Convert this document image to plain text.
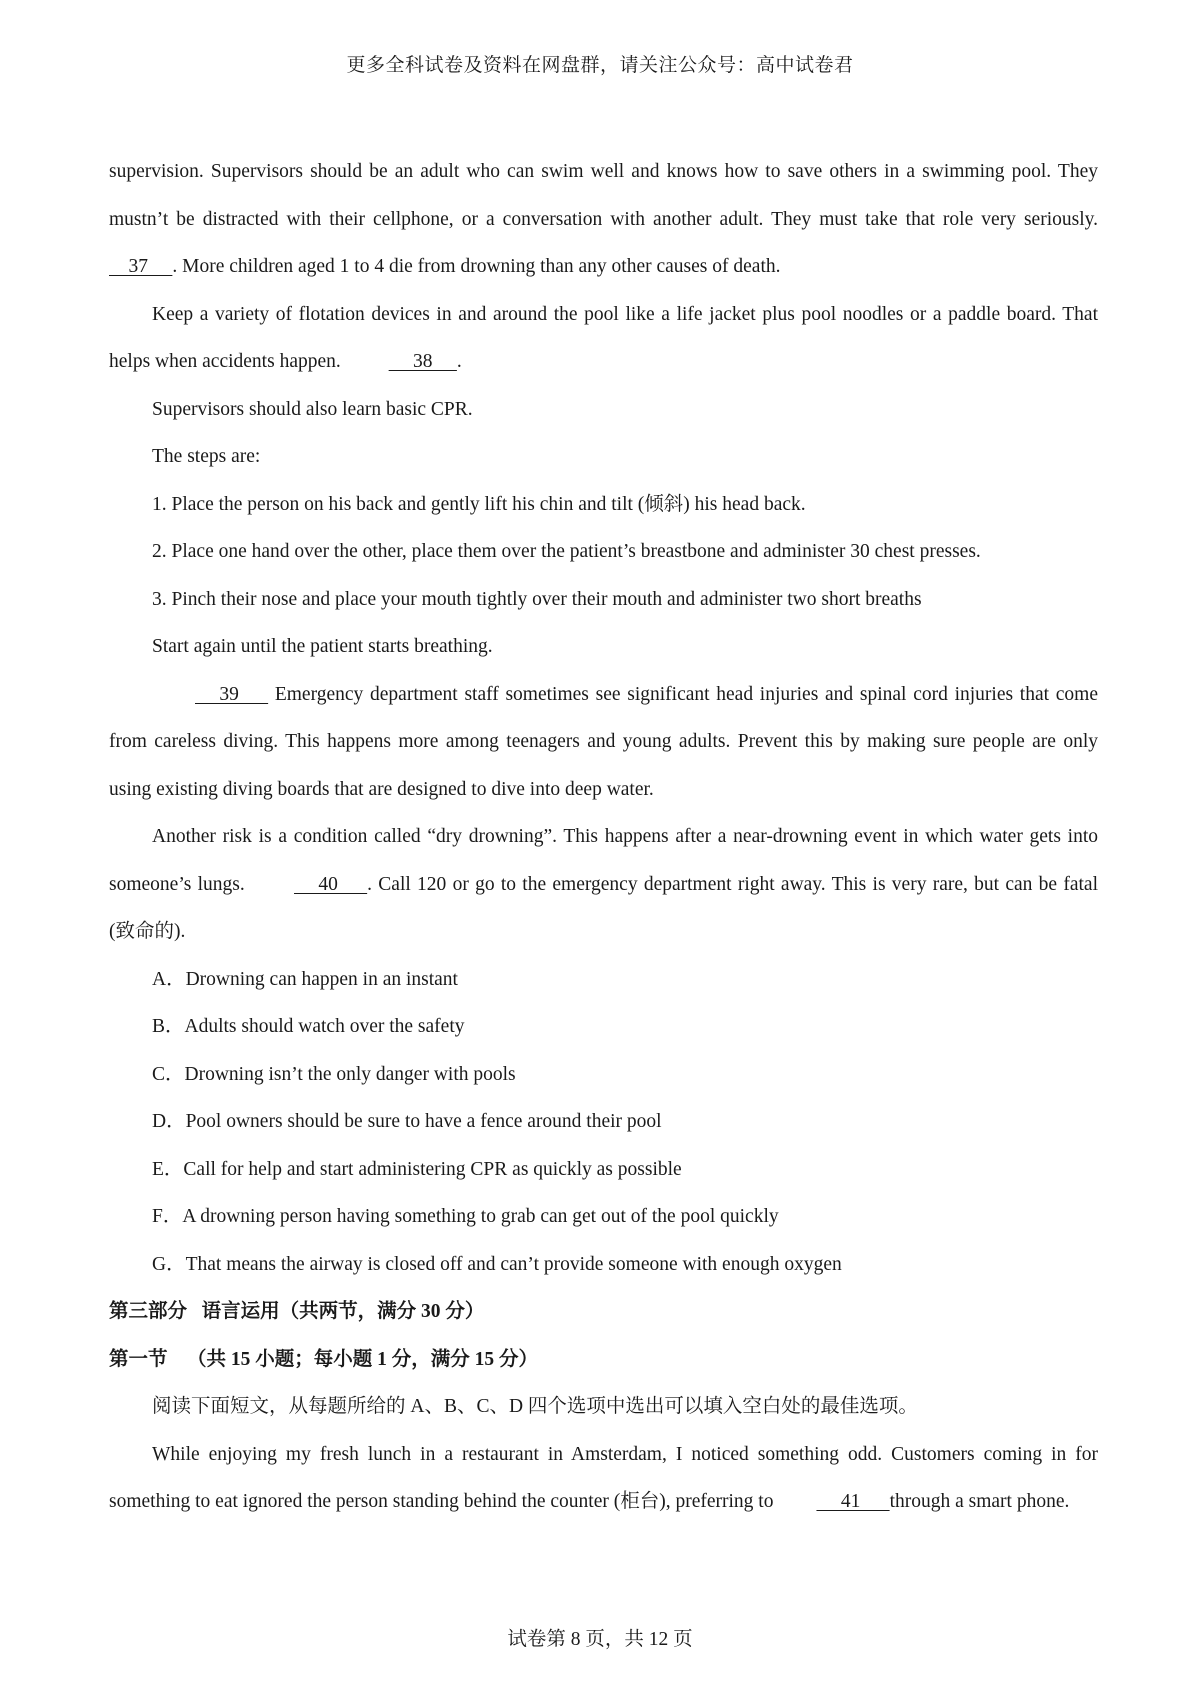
更多全科试卷及资料在网盘群，请关注公众号：高中试卷君

supervision. Supervisors should be an adult who can swim well and knows how to save others in a swimming pool. They mustn’t be distracted with their cellphone, or a conversation with another adult. They must take that role very seriously.     37     . More children aged 1 to 4 die from drowning than any other causes of death.

Keep a variety of flotation devices in and around the pool like a life jacket plus pool noodles or a paddle board. That helps when accidents happen.      38     .

Supervisors should also learn basic CPR.

The steps are:

1. Place the person on his back and gently lift his chin and tilt (倾斜) his head back.

2. Place one hand over the other, place them over the patient’s breastbone and administer 30 chest presses.

3. Pinch their nose and place your mouth tightly over their mouth and administer two short breaths

Start again until the patient starts breathing.

39       Emergency department staff sometimes see significant head injuries and spinal cord injuries that come from careless diving. This happens more among teenagers and young adults. Prevent this by making sure people are only using existing diving boards that are designed to dive into deep water.

Another risk is a condition called “dry drowning”. This happens after a near-drowning event in which water gets into someone’s lungs.	40      . Call 120 or go to the emergency department right away. This is very rare, but can be fatal (致命的).

A．Drowning can happen in an instant

B．Adults should watch over the safety

C．Drowning isn’t the only danger with pools

D．Pool owners should be sure to have a fence around their pool

E．Call for help and start administering CPR as quickly as possible

F．A drowning person having something to grab can get out of the pool quickly

G．That means the airway is closed off and can’t provide someone with enough oxygen

第三部分   语言运用（共两节，满分 30 分）

第一节    （共 15 小题；每小题 1 分，满分 15 分）

阅读下面短文，从每题所给的 A、B、C、D 四个选项中选出可以填入空白处的最佳选项。

While enjoying my fresh lunch in a restaurant in Amsterdam, I noticed something odd. Customers coming in for something to eat ignored the person standing behind the counter (柜台), preferring to     41      through a smart phone.

试卷第 8 页，共 12 页
